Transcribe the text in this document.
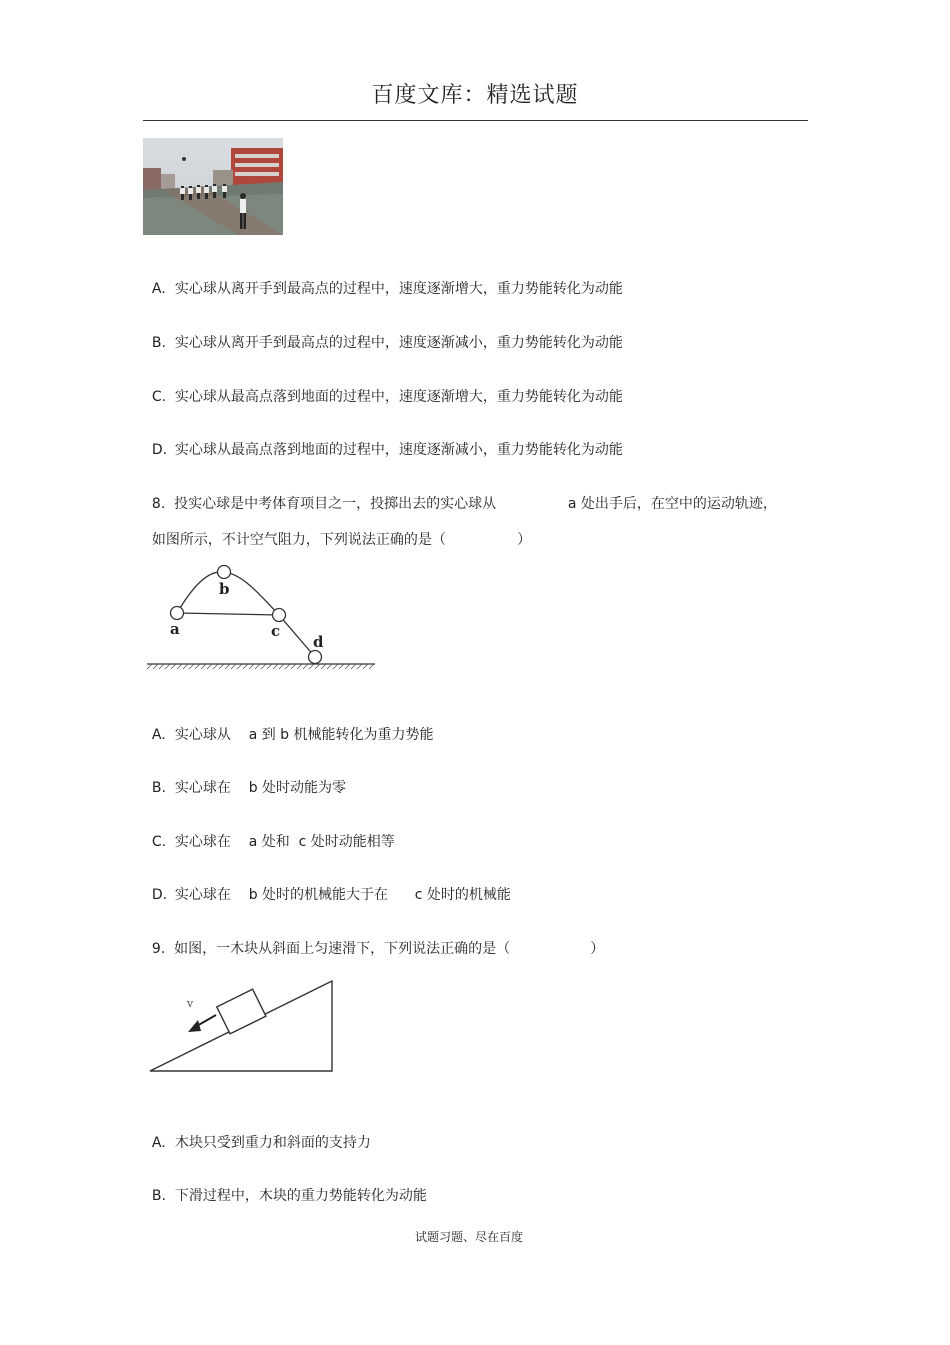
百度文库：精选试题

A. 实心球从离开手到最高点的过程中，速度逐渐增大，重力势能转化为动能

B. 实心球从离开手到最高点的过程中，速度逐渐减小，重力势能转化为动能

C. 实心球从最高点落到地面的过程中，速度逐渐增大，重力势能转化为动能

D. 实心球从最高点落到地面的过程中，速度逐渐减小，重力势能转化为动能

8.  投实心球是中考体育项目之一，投掷出去的实心球从	a 处出手后，在空中的运动轨迹，

如图所示，不计空气阻力，下列说法正确的是（                ）

a
b
c
d

A. 实心球从    a 到 b 机械能转化为重力势能

B. 实心球在    b 处时动能为零

C. 实心球在    a 处和  c 处时动能相等

D. 实心球在    b 处时的机械能大于在      c 处时的机械能

9.  如图，一木块从斜面上匀速滑下，下列说法正确的是（                  ）

v

A. 木块只受到重力和斜面的支持力

B. 下滑过程中，木块的重力势能转化为动能

试题习题、尽在百度
